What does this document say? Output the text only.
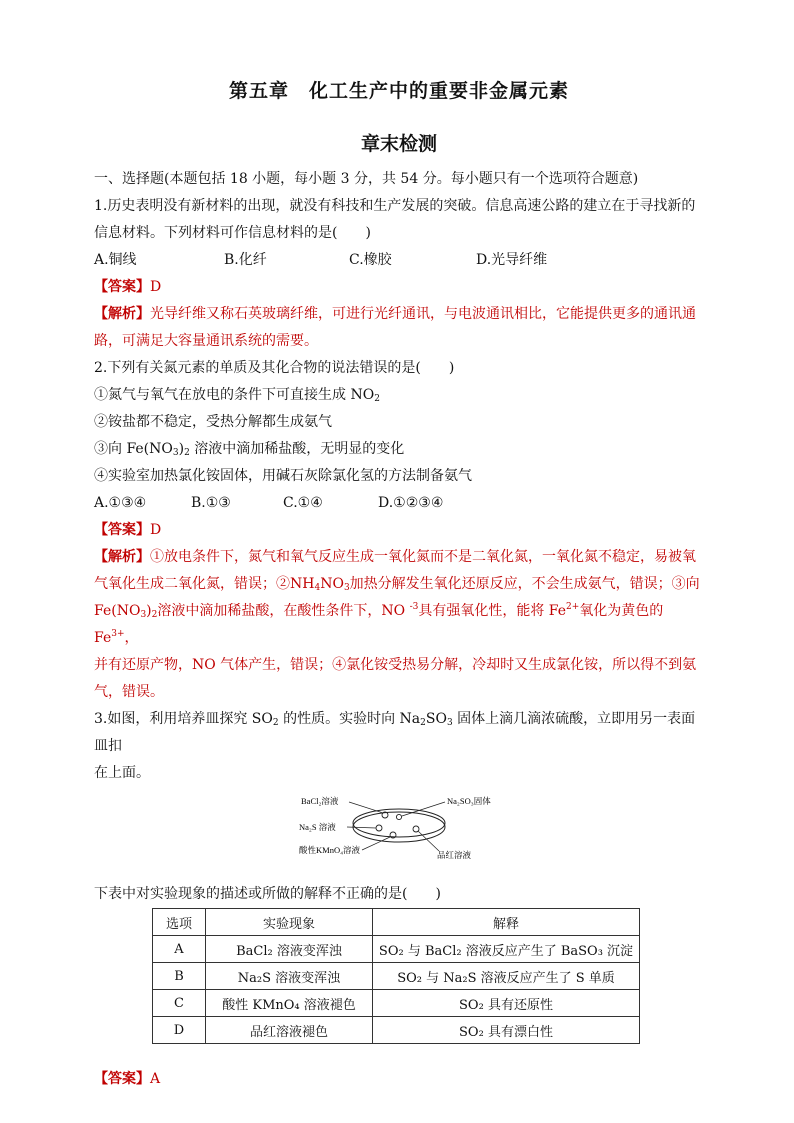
第五章　化工生产中的重要非金属元素
章末检测

一、选择题(本题包括 18 小题，每小题 3 分，共 54 分。每小题只有一个选项符合题意)

1.历史表明没有新材料的出现，就没有科技和生产发展的突破。信息高速公路的建立在于寻找新的

信息材料。下列材料可作信息材料的是(　　)

A.铜线	B.化纤	C.橡胶	D.光导纤维

【答案】D

【解析】光导纤维又称石英玻璃纤维，可进行光纤通讯，与电波通讯相比，它能提供更多的通讯通

路，可满足大容量通讯系统的需要。

2.下列有关氮元素的单质及其化合物的说法错误的是(　　)

①氮气与氧气在放电的条件下可直接生成 $NO_2$

②铵盐都不稳定，受热分解都生成氨气

③向 $Fe(NO_3)_2$ 溶液中滴加稀盐酸，无明显的变化

④实验室加热氯化铵固体，用碱石灰除氯化氢的方法制备氨气

A.①③④	B.①③	C.①④	D.①②③④

【答案】D

【解析】①放电条件下，氮气和氧气反应生成一氧化氮而不是二氧化氮，一氧化氮不稳定，易被氧

气氧化生成二氧化氮，错误；$②NH_4NO_3$加热分解发生氧化还原反应，不会生成氨气，错误；③向

$Fe(NO_3)_2$溶液中滴加稀盐酸，在酸性条件下，NO $^{-3}$具有强氧化性，能将 $Fe^{2+}$氧化为黄色的 $Fe^{3+}$，

并有还原产物，NO 气体产生，错误；④氯化铵受热易分解，冷却时又生成氯化铵，所以得不到氨

气，错误。

3.如图，利用培养皿探究 $SO_2$ 的性质。实验时向 $Na_2SO_3$ 固体上滴几滴浓硫酸，立即用另一表面皿扣

在上面。

BaCl₂溶液
Na₂S 溶液
酸性KMnO₄溶液
Na₂SO₃固体
品红溶液

下表中对实验现象的描述或所做的解释不正确的是(　　)

选项	实验现象	解释
A	BaCl₂ 溶液变浑浊	SO₂ 与 BaCl₂ 溶液反应产生了 BaSO₃ 沉淀
B	Na₂S 溶液变浑浊	SO₂ 与 Na₂S 溶液反应产生了 S 单质
C	酸性 KMnO₄ 溶液褪色	SO₂ 具有还原性
D	品红溶液褪色	SO₂ 具有漂白性

【答案】A
